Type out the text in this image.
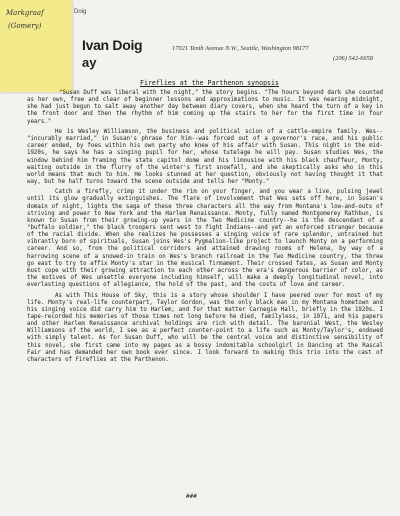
Markgraaf
(Gomery)
Doig
Ivan Doig
ay
17021 Tenth Avenue N.W., Seattle, Washington 98177
(206) 542-6658
Fireflies at the Parthenon synopsis

"Susan Duff was liberal with the night," the story begins. "The hours beyond dark she counted as her own, free and clear of beginner lessons and approximations to music. It was nearing midnight, she had just begun to salt away another day between diary covers, when she heard the turn of a key in the front door and then the rhythm of him coming up the stairs to her for the first time in four years."

He is Wesley Williamson, the business and political scion of a cattle-empire family. Wes--"incurably married," in Susan's phrase for him--was forced out of a governor's race, and his public career ended, by foes within his own party who knew of his affair with Susan. This night in the mid-1920s, he says he has a singing pupil for her, whose tutelage he will pay. Susan studies Wes, the window behind him framing the state capitol dome and his limousine with his black chauffeur, Monty, waiting outside in the flurry of the winter's first snowfall, and she skeptically asks who in this world means that much to him. He looks stunned at her question, obviously not having thought it that way, but he half turns toward the scene outside and tells her "Monty."

Catch a firefly, crimp it under the rim on your finger, and you wear a live, pulsing jewel until its glow gradually extinguishes. The flare of involvement that Wes sets off here, in Susan's domain of night, lights the saga of these three characters all the way from Montana's low-and-outs of striving and power to New York and the Harlem Renaissance. Monty, fully named Montgomerey Rathbun, is known to Susan from their growing-up years in the Two Medicine country--he is the descendant of a "buffalo soldier," the black troopers sent west to fight Indians--and yet an enforced stranger because of the racial divide. When she realizes he possesses a singing voice of rare splendor, untrained but vibrantly born of spirituals, Susan joins Wes's Pygmalion-like project to launch Monty on a performing career. And so, from the political corridors and attained drawing rooms of Helena, by way of a harrowing scene of a snowed-in train on Wes's branch railroad in the Two Medicine country, the three go east to try to affix Monty's star in the musical firmament. Their crossed fates, as Susan and Monty must cope with their growing attraction to each other across the era's dangerous barrier of color, as the motives of Wes unsettle everyone including himself, will make a deeply longitudinal novel, into everlasting questions of allegiance, the hold of the past, and the costs of love and career.

As with This House of Sky, this is a story whose shoulder I have peered over for most of my life. Monty's real-life counterpart, Taylor Gordon, was the only black man in my Montana hometown and his singing voice did carry him to Harlem, and for that matter Carnegie Hall, briefly in the 1920s. I tape-recorded his memories of those times not long before he died, familyless, in 1971, and his papers and other Harlem Renaissance archival holdings are rich with detail. The baronial West, the Wesley Williamsons of the world, I see as a perfect counter-point to a life such as Monty/Taylor's, endowed with simply talent. As for Susan Duff, who will be the central voice and distinctive sensibility of this novel, she first came into my pages as a bossy indomitable schoolgirl in Dancing at the Rascal Fair and has demanded her own book ever since. I look forward to making this trio into the cast of characters of Fireflies at the Parthenon.

###
